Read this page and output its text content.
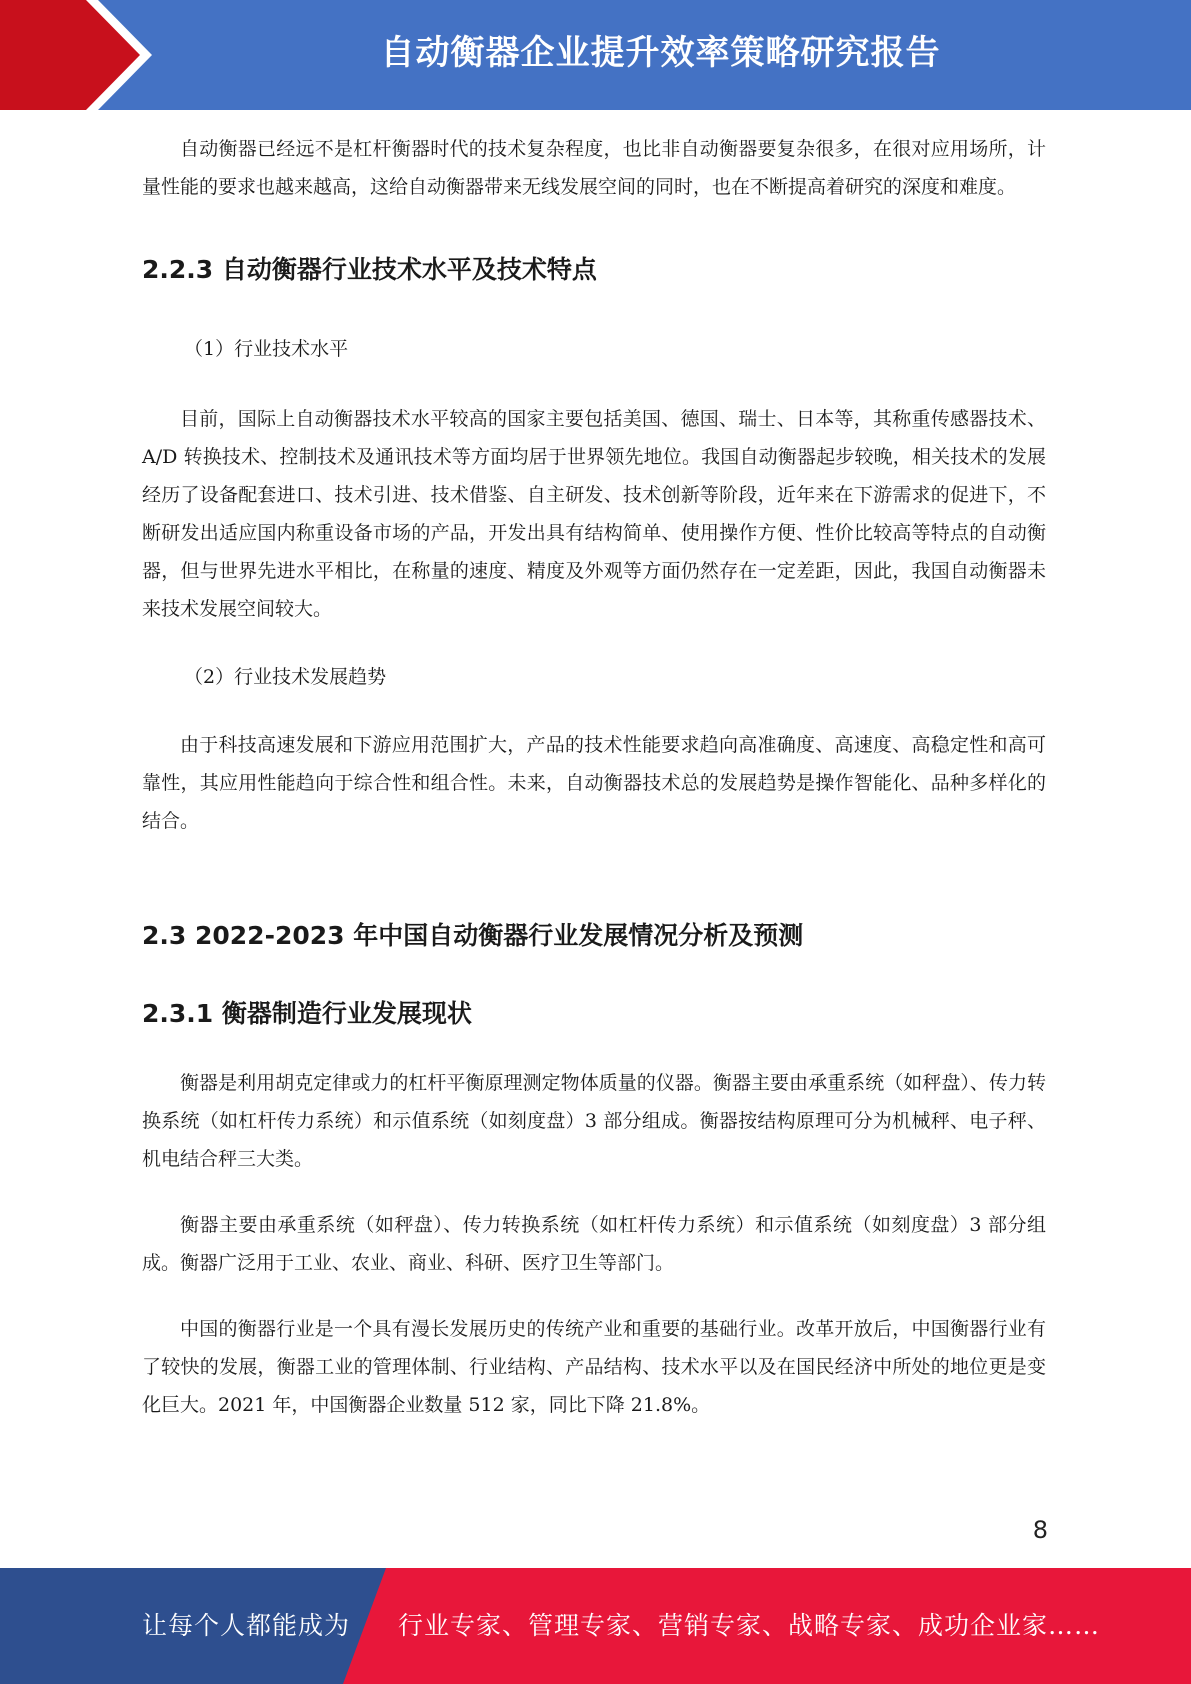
自动衡器企业提升效率策略研究报告

自动衡器已经远不是杠杆衡器时代的技术复杂程度，也比非自动衡器要复杂很多，在很对应用场所，计量性能的要求也越来越高，这给自动衡器带来无线发展空间的同时，也在不断提高着研究的深度和难度。

2.2.3 自动衡器行业技术水平及技术特点

（1）行业技术水平

目前，国际上自动衡器技术水平较高的国家主要包括美国、德国、瑞士、日本等，其称重传感器技术、A/D 转换技术、控制技术及通讯技术等方面均居于世界领先地位。我国自动衡器起步较晚，相关技术的发展经历了设备配套进口、技术引进、技术借鉴、自主研发、技术创新等阶段，近年来在下游需求的促进下，不断研发出适应国内称重设备市场的产品，开发出具有结构简单、使用操作方便、性价比较高等特点的自动衡器，但与世界先进水平相比，在称量的速度、精度及外观等方面仍然存在一定差距，因此，我国自动衡器未来技术发展空间较大。

（2）行业技术发展趋势

由于科技高速发展和下游应用范围扩大，产品的技术性能要求趋向高准确度、高速度、高稳定性和高可靠性，其应用性能趋向于综合性和组合性。未来，自动衡器技术总的发展趋势是操作智能化、品种多样化的结合。

2.3 2022-2023 年中国自动衡器行业发展情况分析及预测
2.3.1 衡器制造行业发展现状

衡器是利用胡克定律或力的杠杆平衡原理测定物体质量的仪器。衡器主要由承重系统（如秤盘）、传力转换系统（如杠杆传力系统）和示值系统（如刻度盘）3 部分组成。衡器按结构原理可分为机械秤、电子秤、机电结合秤三大类。

衡器主要由承重系统（如秤盘）、传力转换系统（如杠杆传力系统）和示值系统（如刻度盘）3 部分组成。衡器广泛用于工业、农业、商业、科研、医疗卫生等部门。

中国的衡器行业是一个具有漫长发展历史的传统产业和重要的基础行业。改革开放后，中国衡器行业有了较快的发展，衡器工业的管理体制、行业结构、产品结构、技术水平以及在国民经济中所处的地位更是变化巨大。2021 年，中国衡器企业数量 512 家，同比下降 21.8%。

8
让每个人都能成为 行业专家、管理专家、营销专家、战略专家、成功企业家……
